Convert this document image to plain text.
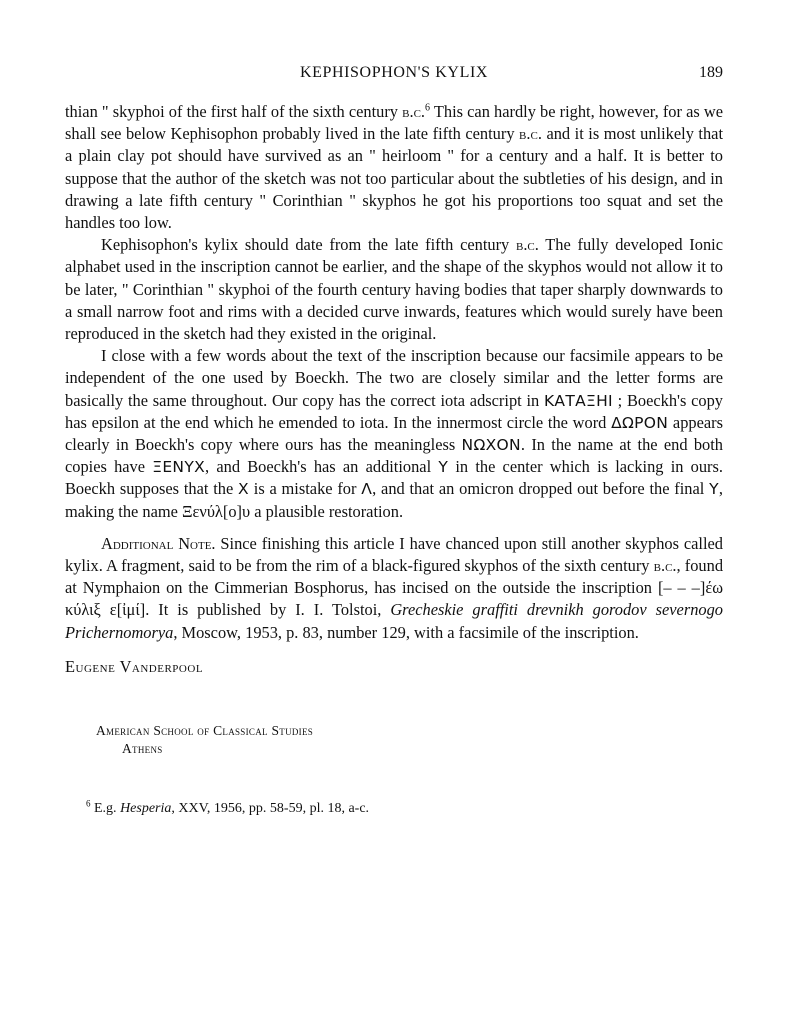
KEPHISOPHON'S KYLIX	189

thian " skyphoi of the first half of the sixth century b.c.$^6$ This can hardly be right, however, for as we shall see below Kephisophon probably lived in the late fifth century b.c. and it is most unlikely that a plain clay pot should have survived as an " heirloom " for a century and a half. It is better to suppose that the author of the sketch was not too particular about the subtleties of his design, and in drawing a late fifth century " Corinthian " skyphos he got his proportions too squat and set the handles too low.

Kephisophon's kylix should date from the late fifth century b.c. The fully developed Ionic alphabet used in the inscription cannot be earlier, and the shape of the skyphos would not allow it to be later, " Corinthian " skyphoi of the fourth century having bodies that taper sharply downwards to a small narrow foot and rims with a decided curve inwards, features which would surely have been reproduced in the sketch had they existed in the original.

I close with a few words about the text of the inscription because our facsimile appears to be independent of the one used by Boeckh. The two are closely similar and the letter forms are basically the same throughout. Our copy has the correct iota adscript in ΚΑΤΑΞΗΙ ; Boeckh's copy has epsilon at the end which he emended to iota. In the innermost circle the word ΔΩΡΟΝ appears clearly in Boeckh's copy where ours has the meaningless ΝΩΧΟΝ. In the name at the end both copies have ΞΕΝΥΧ, and Boeckh's has an additional Υ in the center which is lacking in ours. Boeckh supposes that the Χ is a mistake for Λ, and that an omicron dropped out before the final Υ, making the name Ξενύλ[ο]υ a plausible restoration.

Additional Note. Since finishing this article I have chanced upon still another skyphos called kylix. A fragment, said to be from the rim of a black-figured skyphos of the sixth century b.c., found at Nymphaion on the Cimmerian Bosphorus, has incised on the outside the inscription [– – –]έω κύλιξ ε[ἰμί]. It is published by I. I. Tolstoi, Grecheskie graffiti drevnikh gorodov severnogo Prichernomorya, Moscow, 1953, p. 83, number 129, with a facsimile of the inscription.

Eugene Vanderpool

American School of Classical Studies
Athens
$^6$ E.g. Hesperia, XXV, 1956, pp. 58-59, pl. 18, a-c.
